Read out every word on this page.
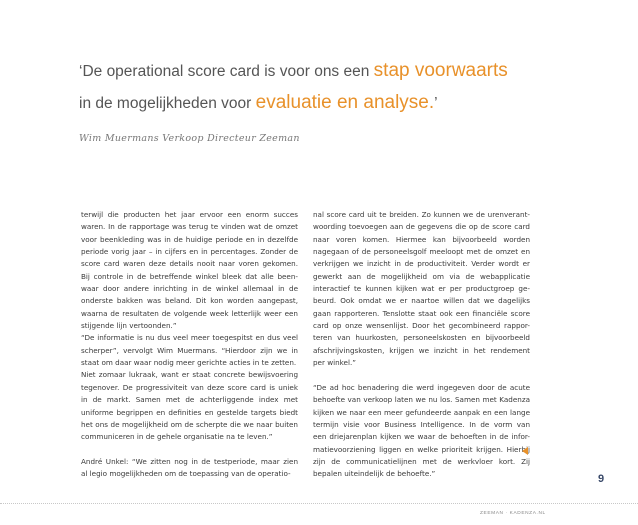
‘De operational score card is voor ons een stap voorwaarts
in de mogelijkheden voor evaluatie en analyse.’
Wim Muermans Verkoop Directeur Zeeman

terwijl die producten het jaar ervoor een enorm succes

waren. In de rapportage was terug te vinden wat de omzet

voor beenkleding was in de huidige periode en in dezelfde

periode vorig jaar – in cijfers en in percentages. Zonder de

score card waren deze details nooit naar voren gekomen.

Bij controle in de betreffende winkel bleek dat alle been-

waar door andere inrichting in de winkel allemaal in de

onderste bakken was beland. Dit kon worden aangepast,

waarna de resultaten de volgende week letterlijk weer een

stijgende lijn vertoonden.”

“De informatie is nu dus veel meer toegespitst en dus veel

scherper”, vervolgt Wim Muermans. “Hierdoor zijn we in

staat om daar waar nodig meer gerichte acties in te zetten.

Niet zomaar lukraak, want er staat concrete bewijsvoering

tegenover. De progressiviteit van deze score card is uniek

in de markt. Samen met de achterliggende index met

uniforme begrippen en definities en gestelde targets biedt

het ons de mogelijkheid om de scherpte die we naar buiten

communiceren in de gehele organisatie na te leven.”

André Unkel: “We zitten nog in de testperiode, maar zien

al legio mogelijkheden om de toepassing van de operatio-

nal score card uit te breiden. Zo kunnen we de urenverant-

woording toevoegen aan de gegevens die op de score card

naar voren komen. Hiermee kan bijvoorbeeld worden

nagegaan of de personeelsgolf meeloopt met de omzet en

verkrijgen we inzicht in de productiviteit. Verder wordt er

gewerkt aan de mogelijkheid om via de webapplicatie

interactief te kunnen kijken wat er per productgroep ge-

beurd. Ook omdat we er naartoe willen dat we dagelijks

gaan rapporteren. Tenslotte staat ook een financiële score

card op onze wensenlijst. Door het gecombineerd rappor-

teren van huurkosten, personeelskosten en bijvoorbeeld

afschrijvingskosten, krijgen we inzicht in het rendement

per winkel.”

“De ad hoc benadering die werd ingegeven door de acute

behoefte van verkoop laten we nu los. Samen met Kadenza

kijken we naar een meer gefundeerde aanpak en een lange

termijn visie voor Business Intelligence. In de vorm van

een driejarenplan kijken we waar de behoeften in de infor-

matievoorziening liggen en welke prioriteit krijgen. Hierbij

zijn de communicatielijnen met de werkvloer kort. Zij

bepalen uiteindelijk de behoefte.”	9
ZEEMAN · KADENZA.NL
